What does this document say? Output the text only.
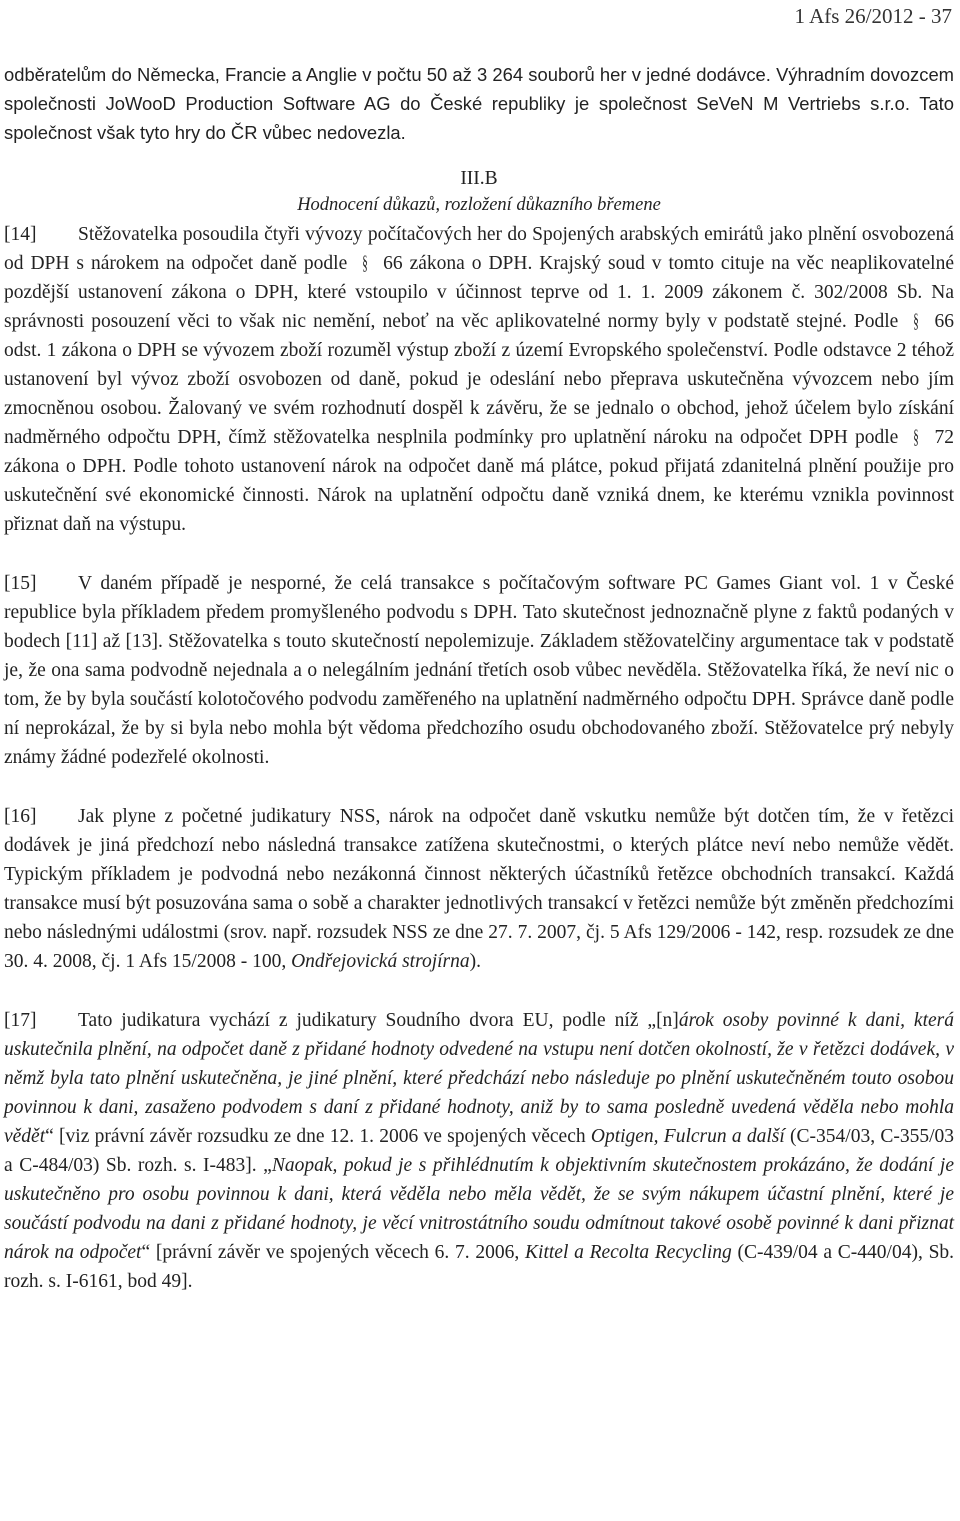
1 Afs 26/2012 - 37

odběratelům do Německa, Francie a Anglie v počtu 50 až 3 264 souborů her v jedné dodávce. Výhradním dovozcem společnosti JoWooD Production Software AG do České republiky je společnost SeVeN M Vertriebs s.r.o. Tato společnost však tyto hry do ČR vůbec nedovezla.

III.B
Hodnocení důkazů, rozložení důkazního břemene

[14] Stěžovatelka posoudila čtyři vývozy počítačových her do Spojených arabských emirátů jako plnění osvobozená od DPH s nárokem na odpočet daně podle § 66 zákona o DPH. Krajský soud v tomto cituje na věc neaplikovatelné pozdější ustanovení zákona o DPH, které vstoupilo v účinnost teprve od 1. 1. 2009 zákonem č. 302/2008 Sb. Na správnosti posouzení věci to však nic nemění, neboť na věc aplikovatelné normy byly v podstatě stejné. Podle § 66 odst. 1 zákona o DPH se vývozem zboží rozuměl výstup zboží z území Evropského společenství. Podle odstavce 2 téhož ustanovení byl vývoz zboží osvobozen od daně, pokud je odeslání nebo přeprava uskutečněna vývozcem nebo jím zmocněnou osobou. Žalovaný ve svém rozhodnutí dospěl k závěru, že se jednalo o obchod, jehož účelem bylo získání nadměrného odpočtu DPH, čímž stěžovatelka nesplnila podmínky pro uplatnění nároku na odpočet DPH podle § 72 zákona o DPH. Podle tohoto ustanovení nárok na odpočet daně má plátce, pokud přijatá zdanitelná plnění použije pro uskutečnění své ekonomické činnosti. Nárok na uplatnění odpočtu daně vzniká dnem, ke kterému vznikla povinnost přiznat daň na výstupu.

[15] V daném případě je nesporné, že celá transakce s počítačovým software PC Games Giant vol. 1 v České republice byla příkladem předem promyšleného podvodu s DPH. Tato skutečnost jednoznačně plyne z faktů podaných v bodech [11] až [13]. Stěžovatelka s touto skutečností nepolemizuje. Základem stěžovatelčiny argumentace tak v podstatě je, že ona sama podvodně nejednala a o nelegálním jednání třetích osob vůbec nevěděla. Stěžovatelka říká, že neví nic o tom, že by byla součástí kolotočového podvodu zaměřeného na uplatnění nadměrného odpočtu DPH. Správce daně podle ní neprokázal, že by si byla nebo mohla být vědoma předchozího osudu obchodovaného zboží. Stěžovatelce prý nebyly známy žádné podezřelé okolnosti.

[16] Jak plyne z početné judikatury NSS, nárok na odpočet daně vskutku nemůže být dotčen tím, že v řetězci dodávek je jiná předchozí nebo následná transakce zatížena skutečnostmi, o kterých plátce neví nebo nemůže vědět. Typickým příkladem je podvodná nebo nezákonná činnost některých účastníků řetězce obchodních transakcí. Každá transakce musí být posuzována sama o sobě a charakter jednotlivých transakcí v řetězci nemůže být změněn předchozími nebo následnými událostmi (srov. např. rozsudek NSS ze dne 27. 7. 2007, čj. 5 Afs 129/2006 - 142, resp. rozsudek ze dne 30. 4. 2008, čj. 1 Afs 15/2008 - 100, Ondřejovická strojírna).

[17] Tato judikatura vychází z judikatury Soudního dvora EU, podle níž „[n]árok osoby povinné k dani, která uskutečnila plnění, na odpočet daně z přidané hodnoty odvedené na vstupu není dotčen okolností, že v řetězci dodávek, v němž byla tato plnění uskutečněna, je jiné plnění, které předchází nebo následuje po plnění uskutečněném touto osobou povinnou k dani, zasaženo podvodem s daní z přidané hodnoty, aniž by to sama posledně uvedená věděla nebo mohla vědět“ [viz právní závěr rozsudku ze dne 12. 1. 2006 ve spojených věcech Optigen, Fulcrun a další (C-354/03, C-355/03 a C-484/03) Sb. rozh. s. I-483]. „Naopak, pokud je s přihlédnutím k objektivním skutečnostem prokázáno, že dodání je uskutečněno pro osobu povinnou k dani, která věděla nebo měla vědět, že se svým nákupem účastní plnění, které je součástí podvodu na dani z přidané hodnoty, je věcí vnitrostátního soudu odmítnout takové osobě povinné k dani přiznat nárok na odpočet“ [právní závěr ve spojených věcech 6. 7. 2006, Kittel a Recolta Recycling (C-439/04 a C-440/04), Sb. rozh. s. I-6161, bod 49].
